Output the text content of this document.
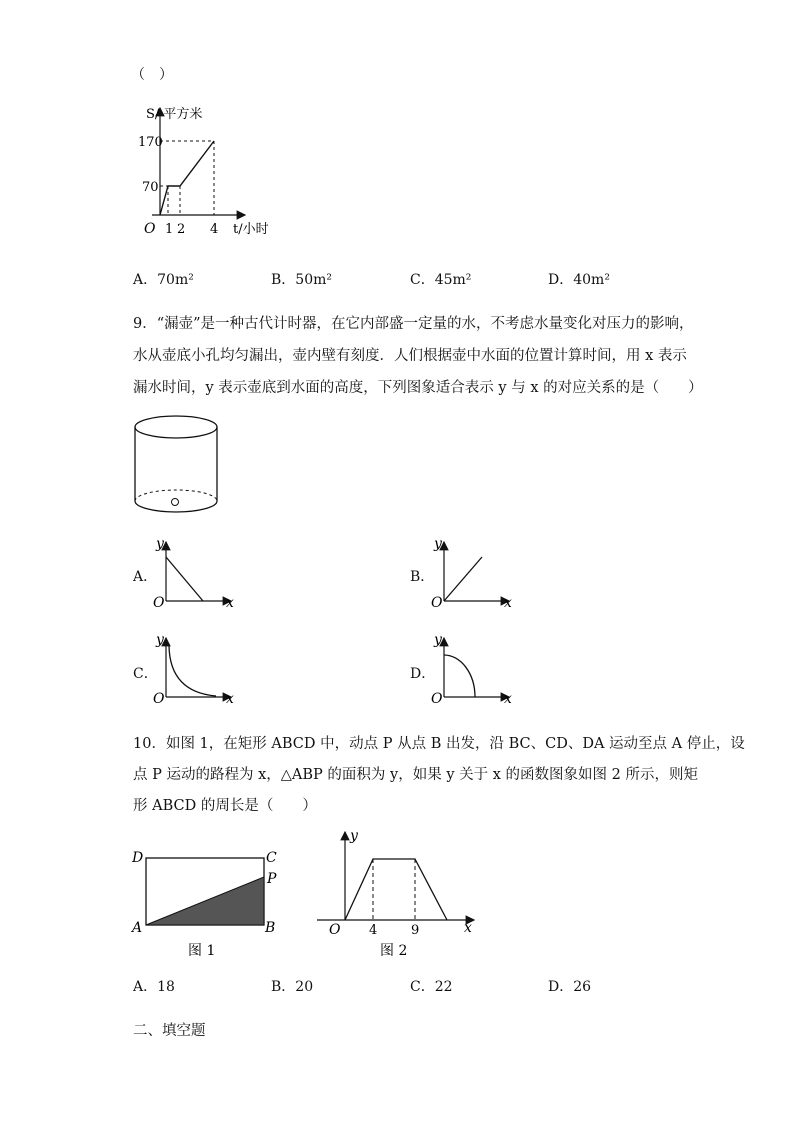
（　）
S/ 平方米
170
70
O 1 2 4 t/小时
A．70m²	B．50m²	C．45m²	D．40m²
9．“漏壶”是一种古代计时器，在它内部盛一定量的水，不考虑水量变化对压力的影响，
水从壶底小孔均匀漏出，壶内壁有刻度．人们根据壶中水面的位置计算时间，用 x 表示
漏水时间，y 表示壶底到水面的高度，下列图象适合表示 y 与 x 的对应关系的是（　　）
A．
y
O	x
B．
y
O	x
C．
y
O	x
D．
y
O	x
10．如图 1，在矩形 ABCD 中，动点 P 从点 B 出发，沿 BC、CD、DA 运动至点 A 停止，设
点 P 运动的路程为 x，△ABP 的面积为 y，如果 y 关于 x 的函数图象如图 2 所示，则矩
形 ABCD 的周长是（　　）
D	C
P
A	B
图 1
y
O 4	9	x
图 2
A．18	B．20	C．22	D．26
二、填空题
